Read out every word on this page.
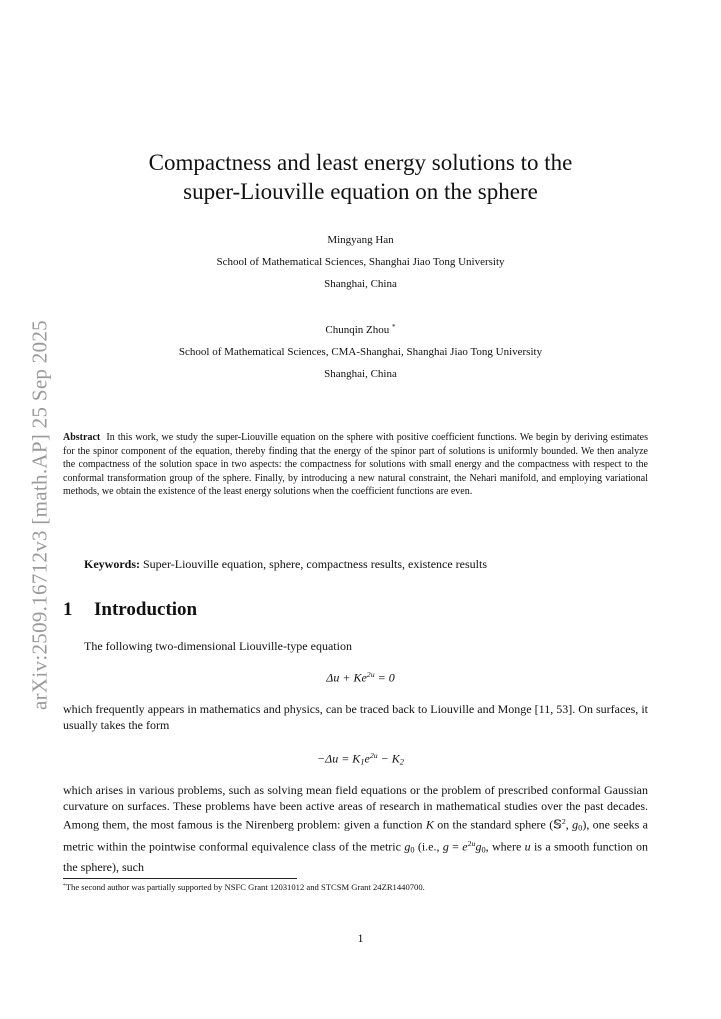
arXiv:2509.16712v3 [math.AP] 25 Sep 2025
Compactness and least energy solutions to the
super-Liouville equation on the sphere
Mingyang Han
School of Mathematical Sciences, Shanghai Jiao Tong University
Shanghai, China
Chunqin Zhou *
School of Mathematical Sciences, CMA-Shanghai, Shanghai Jiao Tong University
Shanghai, China
Abstract In this work, we study the super-Liouville equation on the sphere with positive coefficient functions. We begin by deriving estimates for the spinor component of the equation, thereby finding that the energy of the spinor part of solutions is uniformly bounded. We then analyze the compactness of the solution space in two aspects: the compactness for solutions with small energy and the compactness with respect to the conformal transformation group of the sphere. Finally, by introducing a new natural constraint, the Nehari manifold, and employing variational methods, we obtain the existence of the least energy solutions when the coefficient functions are even.
Keywords: Super-Liouville equation, sphere, compactness results, existence results
1 Introduction
The following two-dimensional Liouville-type equation
$\Delta u + Ke^{2u} = 0$
which frequently appears in mathematics and physics, can be traced back to Liouville and Monge [11, 53]. On surfaces, it usually takes the form
$-\Delta u = K_1e^{2u} - K_2$
which arises in various problems, such as solving mean field equations or the problem of prescribed conformal Gaussian curvature on surfaces. These problems have been active areas of research in mathematical studies over the past decades. Among them, the most famous is the Nirenberg problem: given a function K on the standard sphere (𝕊$^2$, $g_0$), one seeks a metric within the pointwise conformal equivalence class of the metric $g_0$ (i.e., $g = e^{2u}g_0$, where u is a smooth function on the sphere), such
*The second author was partially supported by NSFC Grant 12031012 and STCSM Grant 24ZR1440700.
1
